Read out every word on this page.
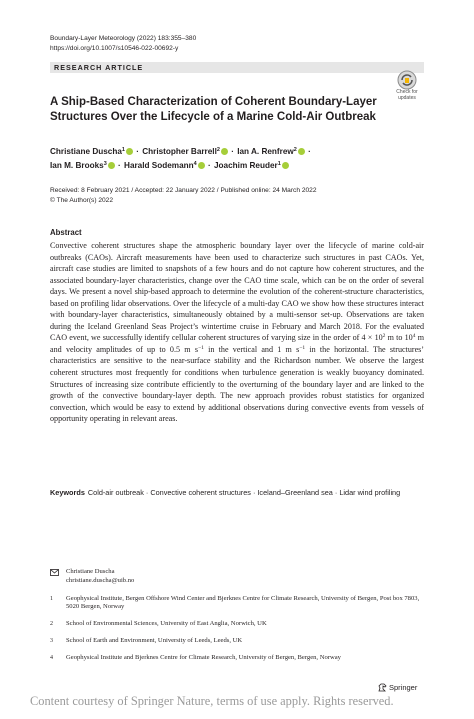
Boundary-Layer Meteorology (2022) 183:355–380
https://doi.org/10.1007/s10546-022-00692-y
RESEARCH ARTICLE
Check for
updates
A Ship-Based Characterization of Coherent Boundary-Layer Structures Over the Lifecycle of a Marine Cold-Air Outbreak
Christiane Duscha$^1$ · Christopher Barrell$^2$ · Ian A. Renfrew$^2$ ·
Ian M. Brooks$^3$ · Harald Sodemann$^4$ · Joachim Reuder$^1$
Received: 8 February 2021 / Accepted: 22 January 2022 / Published online: 24 March 2022
© The Author(s) 2022
Abstract

Convective coherent structures shape the atmospheric boundary layer over the lifecycle of marine cold-air outbreaks (CAOs). Aircraft measurements have been used to characterize such structures in past CAOs. Yet, aircraft case studies are limited to snapshots of a few hours and do not capture how coherent structures, and the associated boundary-layer characteristics, change over the CAO time scale, which can be on the order of several days. We present a novel ship-based approach to determine the evolution of the coherent-structure characteristics, based on profiling lidar observations. Over the lifecycle of a multi-day CAO we show how these structures interact with boundary-layer characteristics, simultaneously obtained by a multi-sensor set-up. Observations are taken during the Iceland Greenland Seas Project’s wintertime cruise in February and March 2018. For the evaluated CAO event, we successfully identify cellular coherent structures of varying size in the order of $4 \times 10^2$ m to $10^4$ m and velocity amplitudes of up to 0.5 m $s^{-1}$ in the vertical and 1 m $s^{-1}$ in the horizontal. The structures’ characteristics are sensitive to the near-surface stability and the Richardson number. We observe the largest coherent structures most frequently for conditions when turbulence generation is weakly buoyancy dominated. Structures of increasing size contribute efficiently to the overturning of the boundary layer and are linked to the growth of the convective boundary-layer depth. The new approach provides robust statistics for organized convection, which would be easy to extend by additional observations during convective events from vessels of opportunity operating in relevant areas.

Keywords Cold-air outbreak · Convective coherent structures · Iceland–Greenland sea · Lidar wind profiling
Christiane Duscha
christiane.duscha@uib.no
1 Geophysical Institute, Bergen Offshore Wind Center and Bjerknes Centre for Climate Research, University of Bergen, Post box 7803, 5020 Bergen, Norway
2 School of Environmental Sciences, University of East Anglia, Norwich, UK
3 School of Earth and Environment, University of Leeds, Leeds, UK
4 Geophysical Institute and Bjerknes Centre for Climate Research, University of Bergen, Bergen, Norway
Springer
Content courtesy of Springer Nature, terms of use apply. Rights reserved.
